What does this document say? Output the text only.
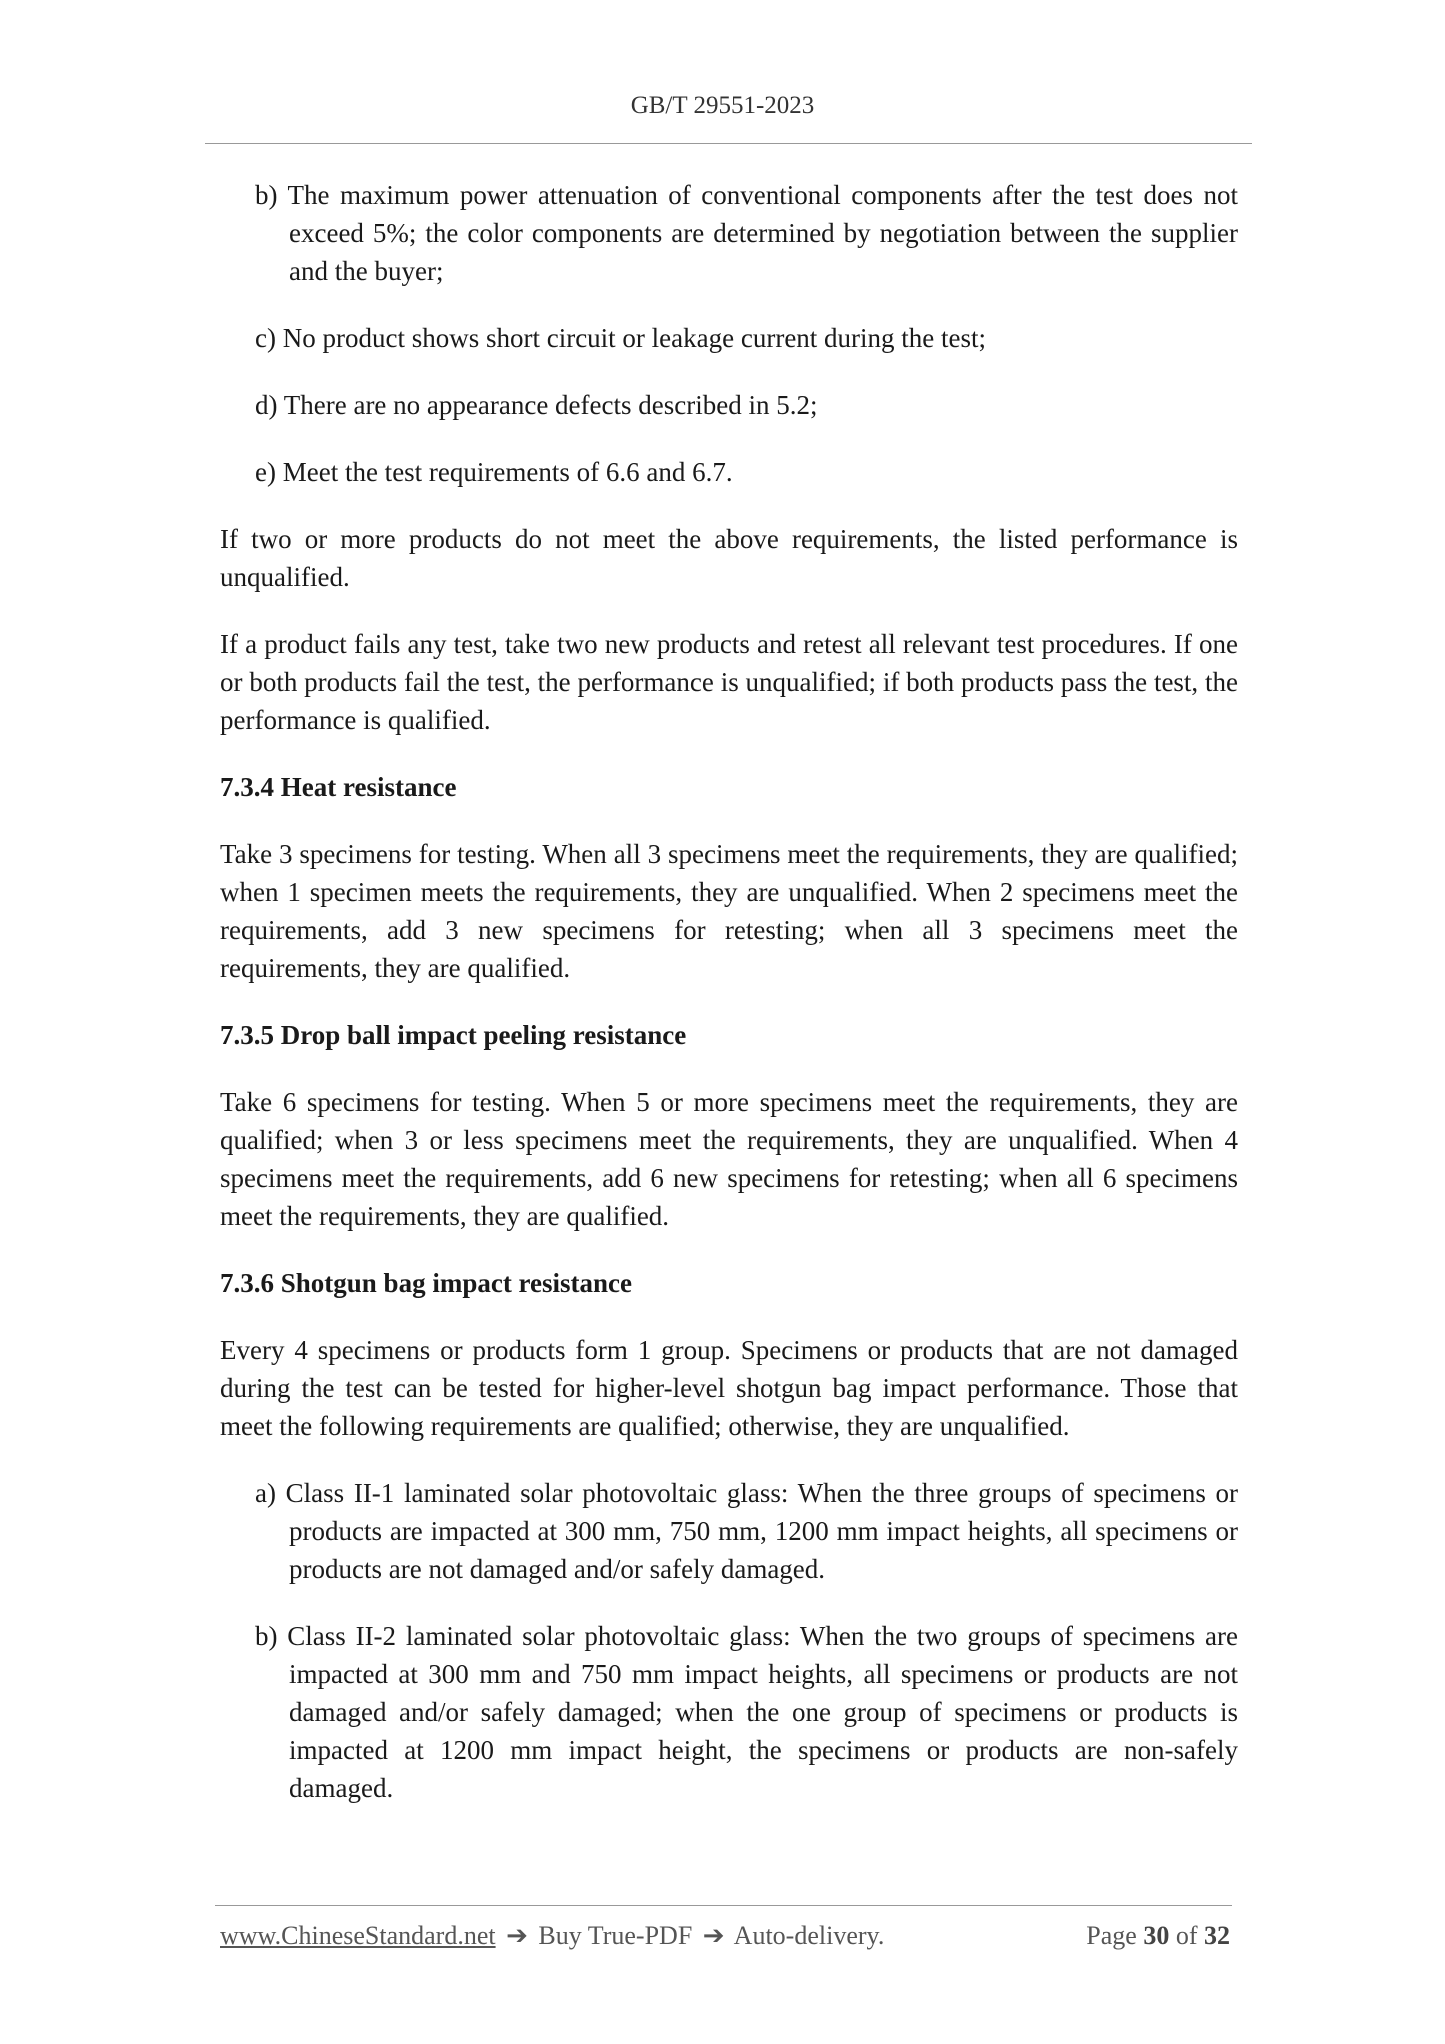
GB/T 29551-2023

b) The maximum power attenuation of conventional components after the test does not exceed 5%; the color components are determined by negotiation between the supplier and the buyer;

c) No product shows short circuit or leakage current during the test;

d) There are no appearance defects described in 5.2;

e) Meet the test requirements of 6.6 and 6.7.

If two or more products do not meet the above requirements, the listed performance is unqualified.

If a product fails any test, take two new products and retest all relevant test procedures. If one or both products fail the test, the performance is unqualified; if both products pass the test, the performance is qualified.

7.3.4 Heat resistance

Take 3 specimens for testing. When all 3 specimens meet the requirements, they are qualified; when 1 specimen meets the requirements, they are unqualified. When 2 specimens meet the requirements, add 3 new specimens for retesting; when all 3 specimens meet the requirements, they are qualified.

7.3.5 Drop ball impact peeling resistance

Take 6 specimens for testing. When 5 or more specimens meet the requirements, they are qualified; when 3 or less specimens meet the requirements, they are unqualified. When 4 specimens meet the requirements, add 6 new specimens for retesting; when all 6 specimens meet the requirements, they are qualified.

7.3.6 Shotgun bag impact resistance

Every 4 specimens or products form 1 group. Specimens or products that are not damaged during the test can be tested for higher-level shotgun bag impact performance. Those that meet the following requirements are qualified; otherwise, they are unqualified.

a) Class II-1 laminated solar photovoltaic glass: When the three groups of specimens or products are impacted at 300 mm, 750 mm, 1200 mm impact heights, all specimens or products are not damaged and/or safely damaged.

b) Class II-2 laminated solar photovoltaic glass: When the two groups of specimens are impacted at 300 mm and 750 mm impact heights, all specimens or products are not damaged and/or safely damaged; when the one group of specimens or products is impacted at 1200 mm impact height, the specimens or products are non-safely damaged.

www.ChineseStandard.net ➔ Buy True-PDF ➔ Auto-delivery.	Page 30 of 32
